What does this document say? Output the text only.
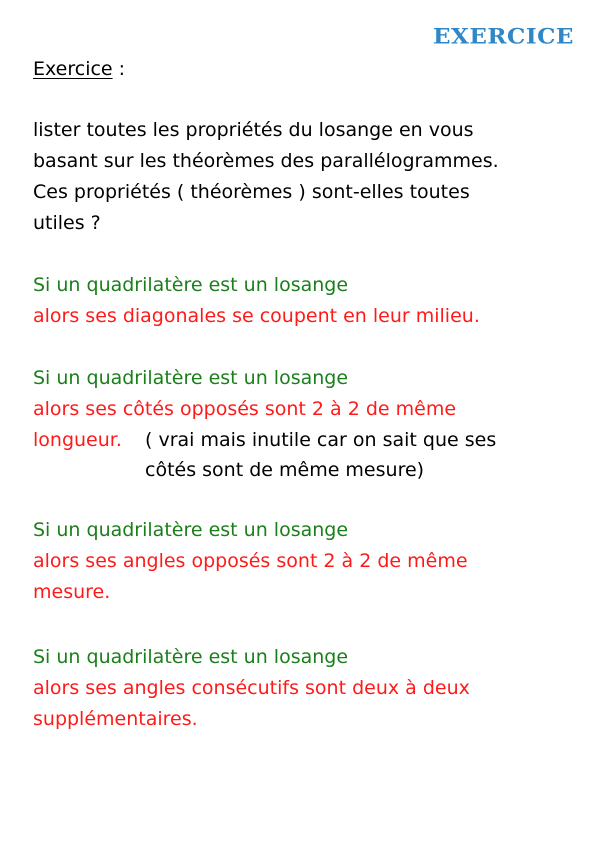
EXERCICE
Exercice :
lister toutes les propriétés du losange en vous
basant sur les théorèmes des parallélogrammes.
Ces propriétés ( théorèmes ) sont-elles toutes
utiles ?
Si un quadrilatère est un losange
alors ses diagonales se coupent en leur milieu.
Si un quadrilatère est un losange
alors ses côtés opposés sont 2 à 2 de même
longueur. ( vrai mais inutile car on sait que ses
côtés sont de même mesure)
Si un quadrilatère est un losange
alors ses angles opposés sont 2 à 2 de même
mesure.
Si un quadrilatère est un losange
alors ses angles consécutifs sont deux à deux
supplémentaires.
